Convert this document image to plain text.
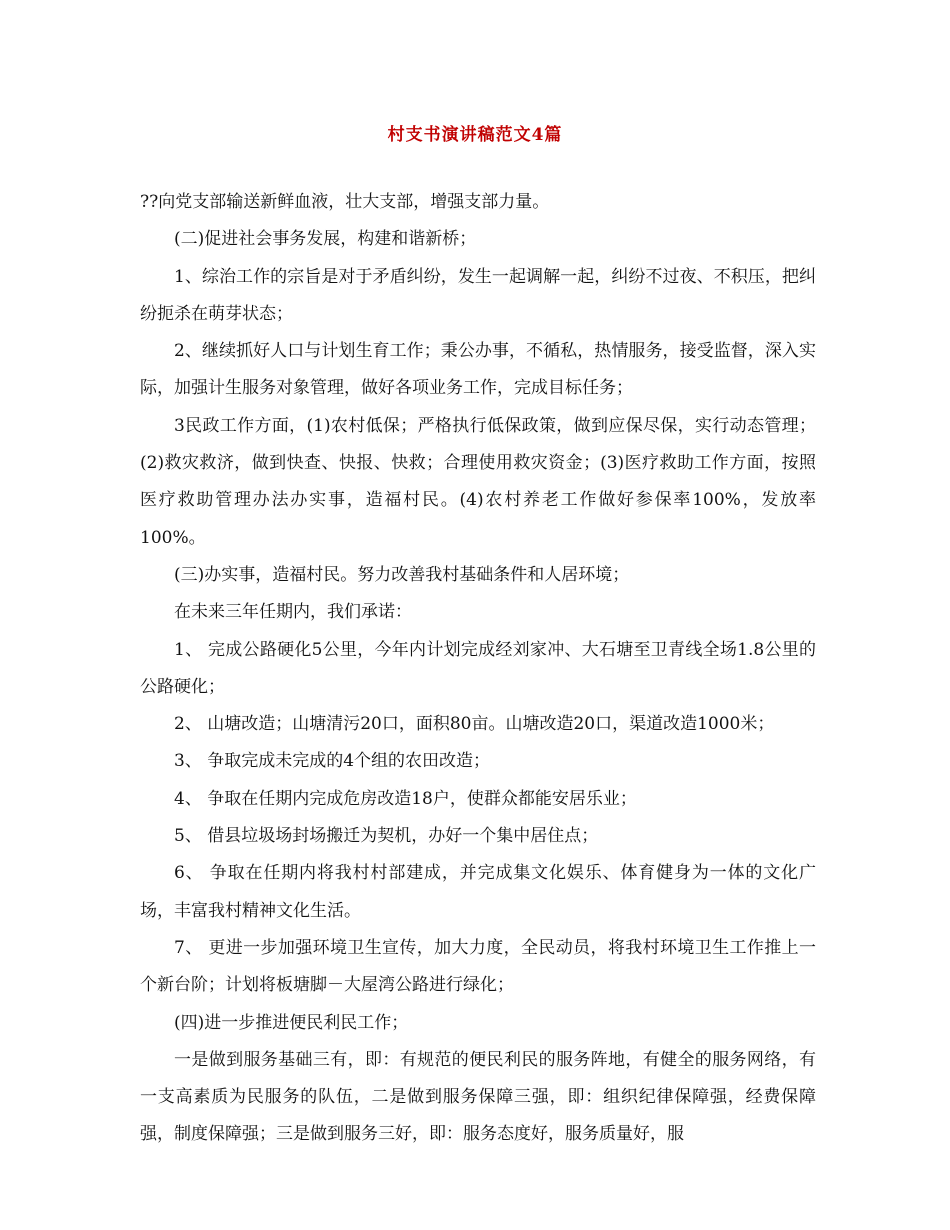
村支书演讲稿范文4篇

??向党支部输送新鲜血液，壮大支部，增强支部力量。

(二)促进社会事务发展，构建和谐新桥；

1、综治工作的宗旨是对于矛盾纠纷，发生一起调解一起，纠纷不过夜、不积压，把纠纷扼杀在萌芽状态；

2、继续抓好人口与计划生育工作；秉公办事，不循私，热情服务，接受监督，深入实际，加强计生服务对象管理，做好各项业务工作，完成目标任务；

3民政工作方面，(1)农村低保；严格执行低保政策，做到应保尽保，实行动态管理；(2)救灾救济，做到快查、快报、快救；合理使用救灾资金；(3)医疗救助工作方面，按照医疗救助管理办法办实事，造福村民。(4)农村养老工作做好参保率100%，发放率100%。

(三)办实事，造福村民。努力改善我村基础条件和人居环境；

在未来三年任期内，我们承诺：

1、 完成公路硬化5公里，今年内计划完成经刘家冲、大石塘至卫青线全场1.8公里的公路硬化；

2、 山塘改造；山塘清污20口，面积80亩。山塘改造20口，渠道改造1000米；

3、 争取完成未完成的4个组的农田改造；

4、 争取在任期内完成危房改造18户，使群众都能安居乐业；

5、 借县垃圾场封场搬迁为契机，办好一个集中居住点；

6、 争取在任期内将我村村部建成，并完成集文化娱乐、体育健身为一体的文化广场，丰富我村精神文化生活。

7、 更进一步加强环境卫生宣传，加大力度，全民动员，将我村环境卫生工作推上一个新台阶；计划将板塘脚－大屋湾公路进行绿化；

(四)进一步推进便民利民工作；

一是做到服务基础三有，即：有规范的便民利民的服务阵地，有健全的服务网络，有一支高素质为民服务的队伍，二是做到服务保障三强，即：组织纪律保障强，经费保障强，制度保障强；三是做到服务三好，即：服务态度好，服务质量好，服
